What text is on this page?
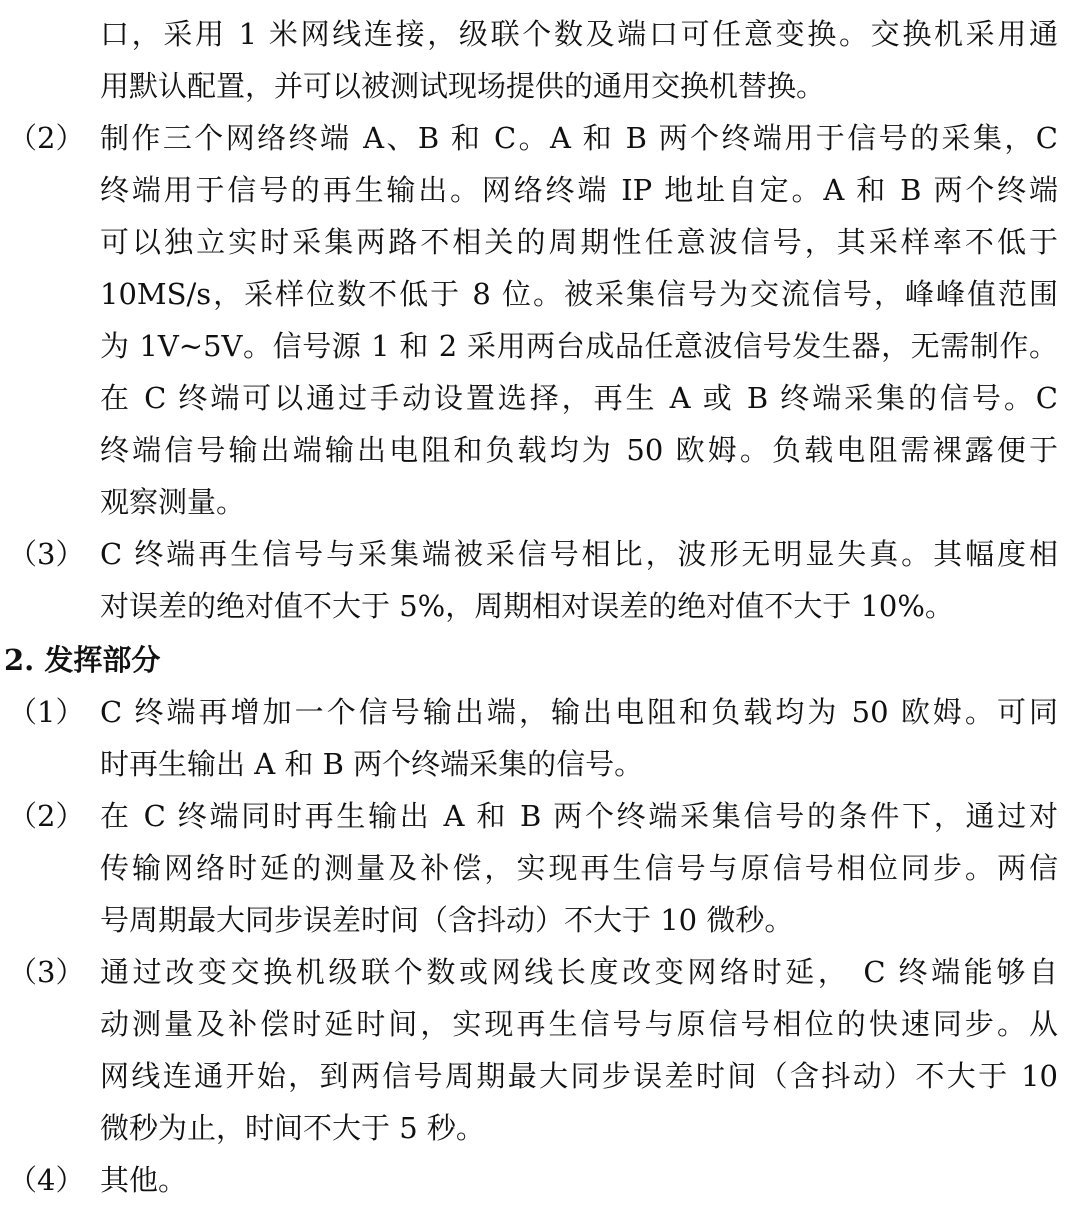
口，采用 1 米网线连接，级联个数及端口可任意变换。交换机采用通
用默认配置，并可以被测试现场提供的通用交换机替换。
（2） 制作三个网络终端 A、B 和 C。A 和 B 两个终端用于信号的采集，C
终端用于信号的再生输出。网络终端 IP 地址自定。A 和 B 两个终端
可以独立实时采集两路不相关的周期性任意波信号，其采样率不低于
10MS/s，采样位数不低于 8 位。被采集信号为交流信号，峰峰值范围
为 1V~5V。信号源 1 和 2 采用两台成品任意波信号发生器，无需制作。
在 C 终端可以通过手动设置选择，再生 A 或 B 终端采集的信号。C
终端信号输出端输出电阻和负载均为 50 欧姆。负载电阻需裸露便于
观察测量。
（3） C 终端再生信号与采集端被采信号相比，波形无明显失真。其幅度相
对误差的绝对值不大于 5%，周期相对误差的绝对值不大于 10%。
2. 发挥部分
（1） C 终端再增加一个信号输出端，输出电阻和负载均为 50 欧姆。可同
时再生输出 A 和 B 两个终端采集的信号。
（2） 在 C 终端同时再生输出 A 和 B 两个终端采集信号的条件下，通过对
传输网络时延的测量及补偿，实现再生信号与原信号相位同步。两信
号周期最大同步误差时间（含抖动）不大于 10 微秒。
（3） 通过改变交换机级联个数或网线长度改变网络时延， C 终端能够自
动测量及补偿时延时间，实现再生信号与原信号相位的快速同步。从
网线连通开始，到两信号周期最大同步误差时间（含抖动）不大于 10
微秒为止，时间不大于 5 秒。
（4） 其他。
